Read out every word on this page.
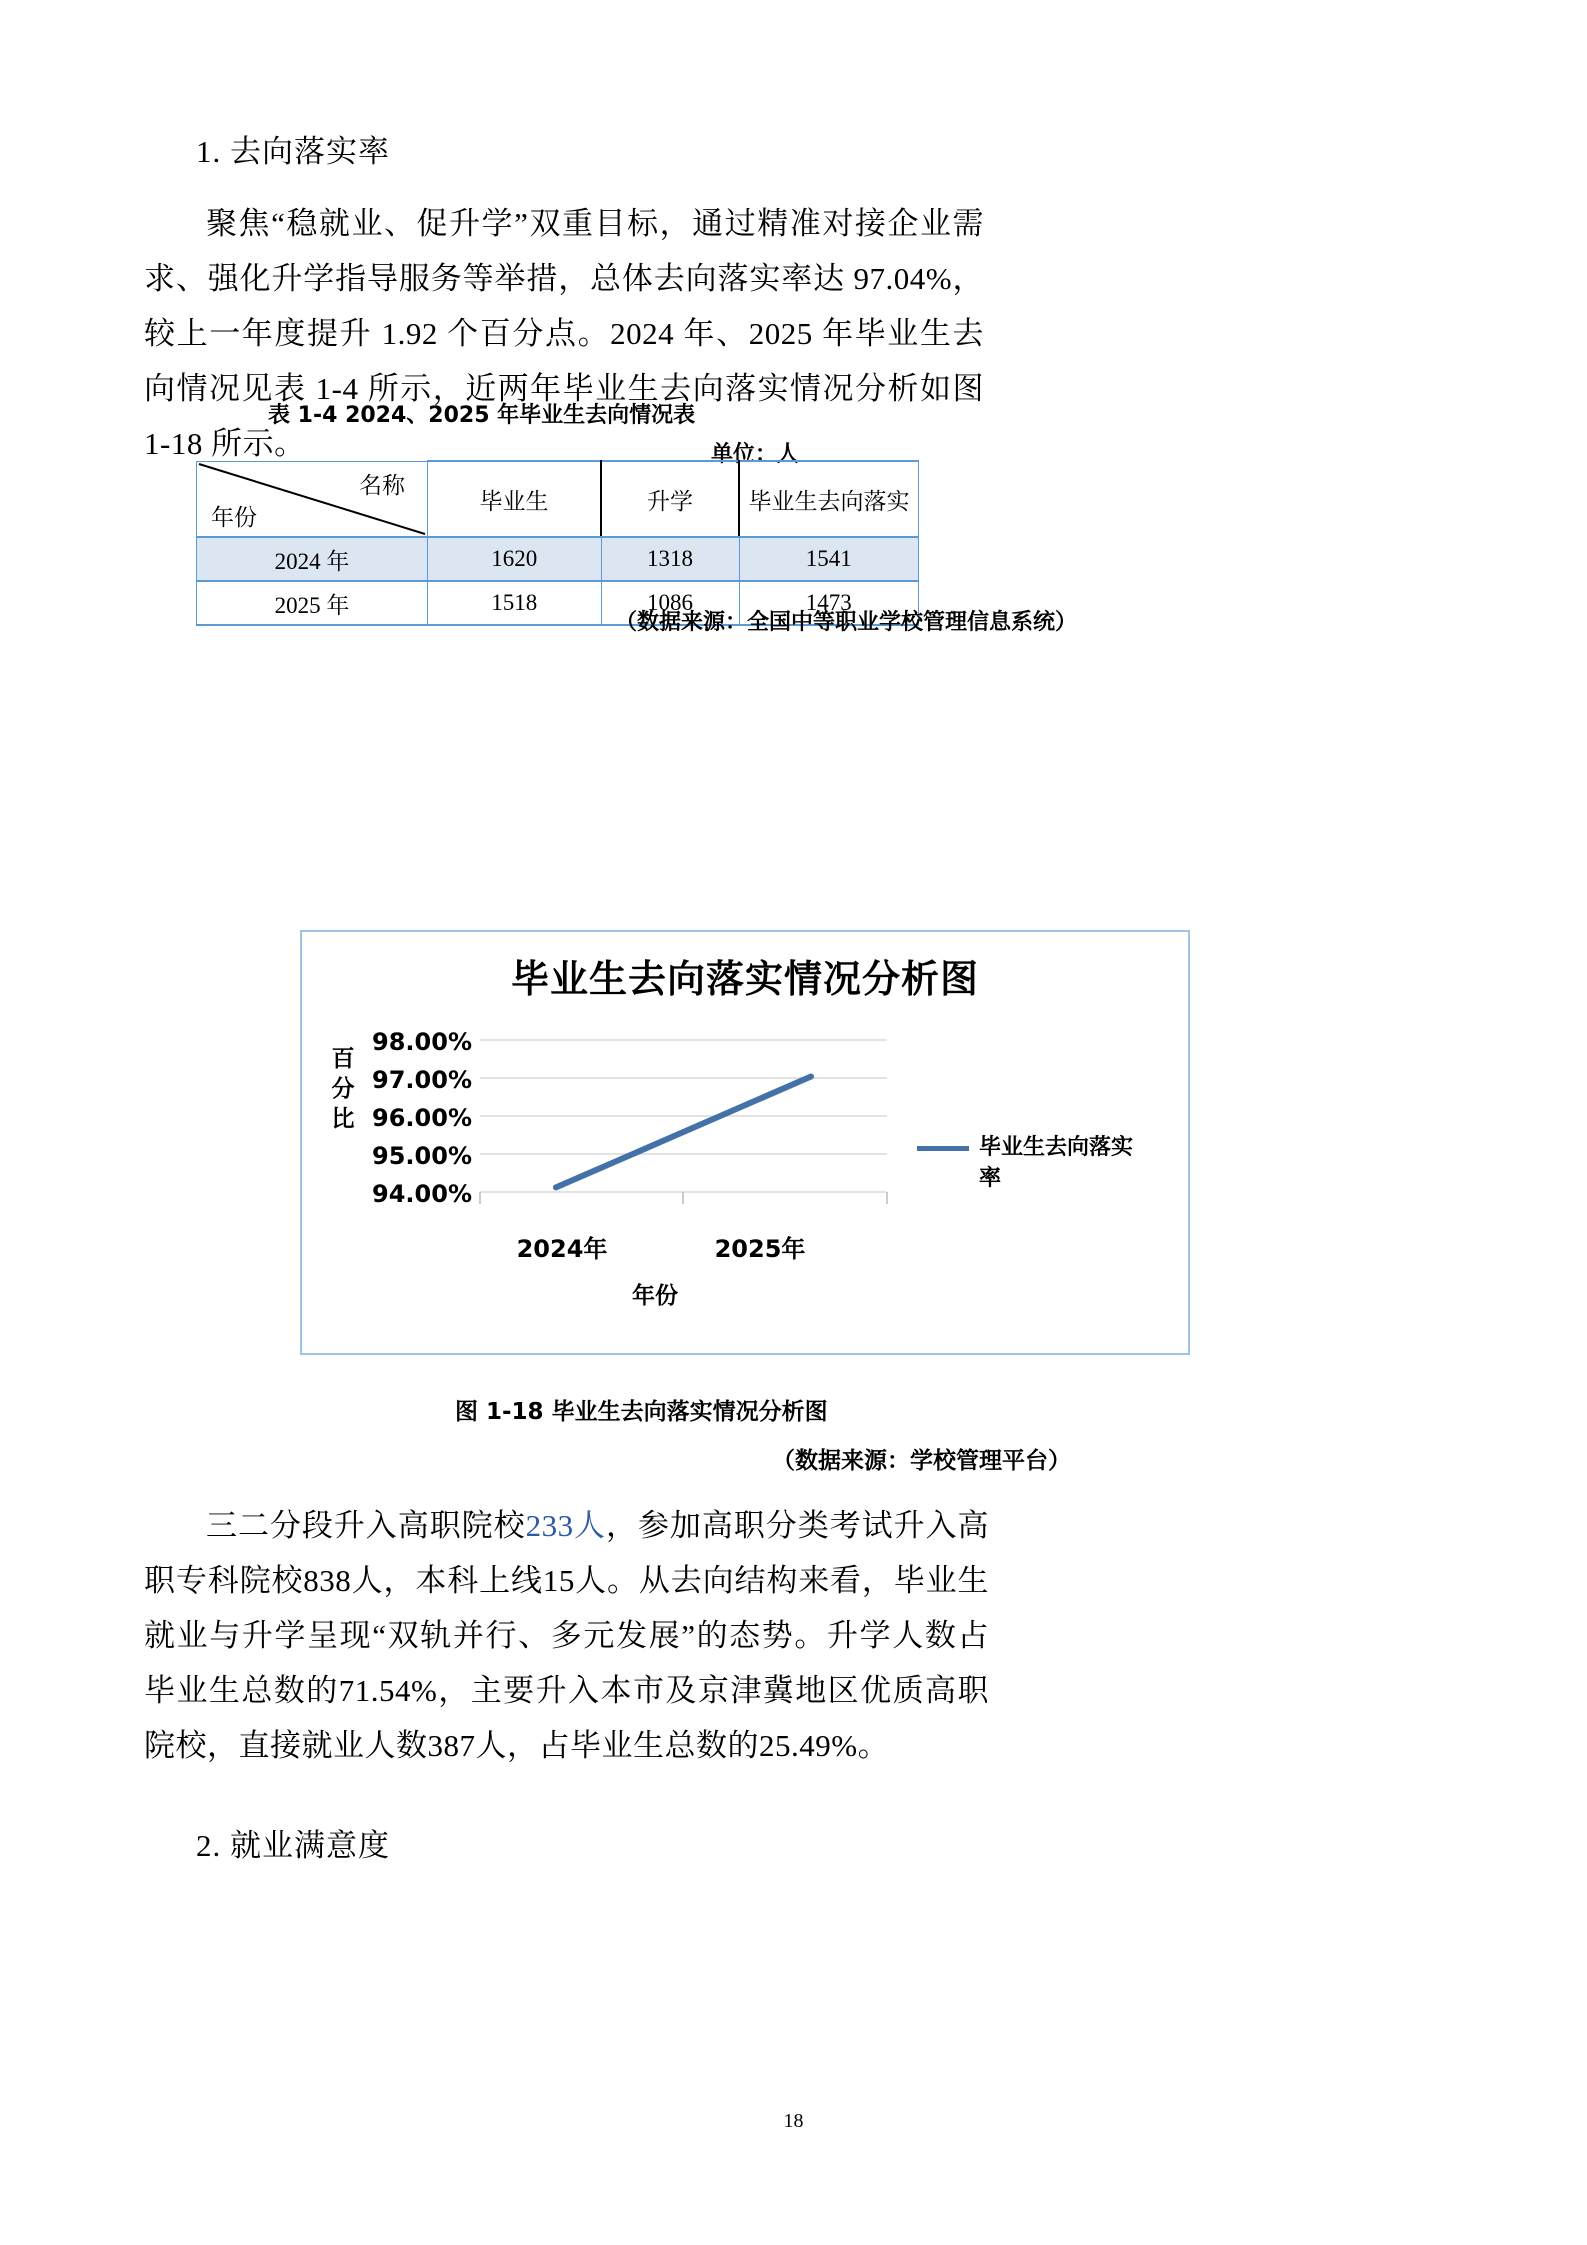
1. 去向落实率
聚焦“稳就业、促升学”双重目标，通过精准对接企业需求、强化升学指导服务等举措，总体去向落实率达 97.04%，较上一年度提升 1.92 个百分点。2024 年、2025 年毕业生去向情况见表 1-4 所示，近两年毕业生去向落实情况分析如图 1-18 所示。
表 1-4 2024、2025 年毕业生去向情况表
单位：人
名称
年份	毕业生	升学	毕业生去向落实
2024 年	1620	1318	1541
2025 年	1518	1086	1473
（数据来源：全国中等职业学校管理信息系统）
毕业生去向落实情况分析图
百分比
年份
98.00%
97.00%
96.00%
95.00%
94.00%
2024年	2025年
毕业生去向落实率
图 1-18 毕业生去向落实情况分析图
（数据来源：学校管理平台）
三二分段升入高职院校233人，参加高职分类考试升入高职专科院校838人，本科上线15人。从去向结构来看，毕业生就业与升学呈现“双轨并行、多元发展”的态势。升学人数占毕业生总数的71.54%，主要升入本市及京津冀地区优质高职院校，直接就业人数387人，占毕业生总数的25.49%。
2. 就业满意度
18
